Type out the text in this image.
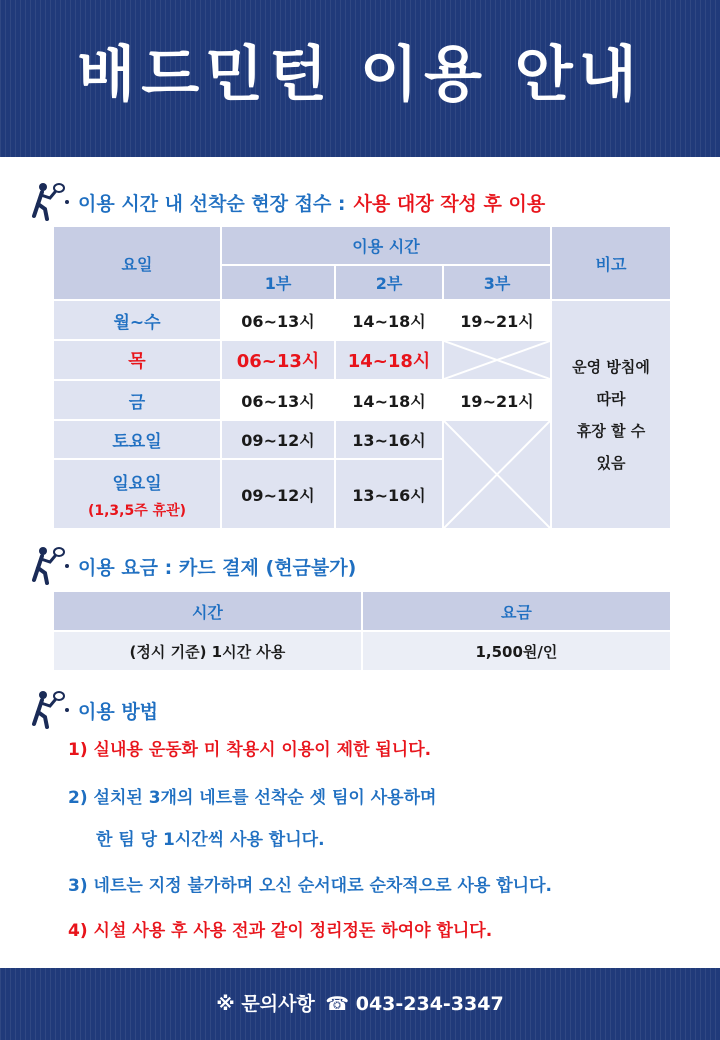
배드민턴 이용 안내
이용 시간 내 선착순 현장 접수 : 사용 대장 작성 후 이용
요일	이용 시간			비고
	1부	2부	3부	
월~수	06~13시	14~18시	19~21시	운영 방침에
따라
휴장 할 수
있음
목	06~13시	14~18시	

금	06~13시	14~18시	19~21시	
토요일	09~12시	13~16시	

일요일
(1,3,5주 휴관)	09~12시	13~16시		
이용 요금 : 카드 결제 (현금불가)
시간	요금
(정시 기준) 1시간 사용	1,500원/인
이용 방법
1) 실내용 운동화 미 착용시 이용이 제한 됩니다.
2) 설치된 3개의 네트를 선착순 셋 팀이 사용하며
한 팀 당 1시간씩 사용 합니다.
3) 네트는 지정 불가하며 오신 순서대로 순차적으로 사용 합니다.
4) 시설 사용 후 사용 전과 같이 정리정돈 하여야 합니다.
※ 문의사항 ☎ 043-234-3347
